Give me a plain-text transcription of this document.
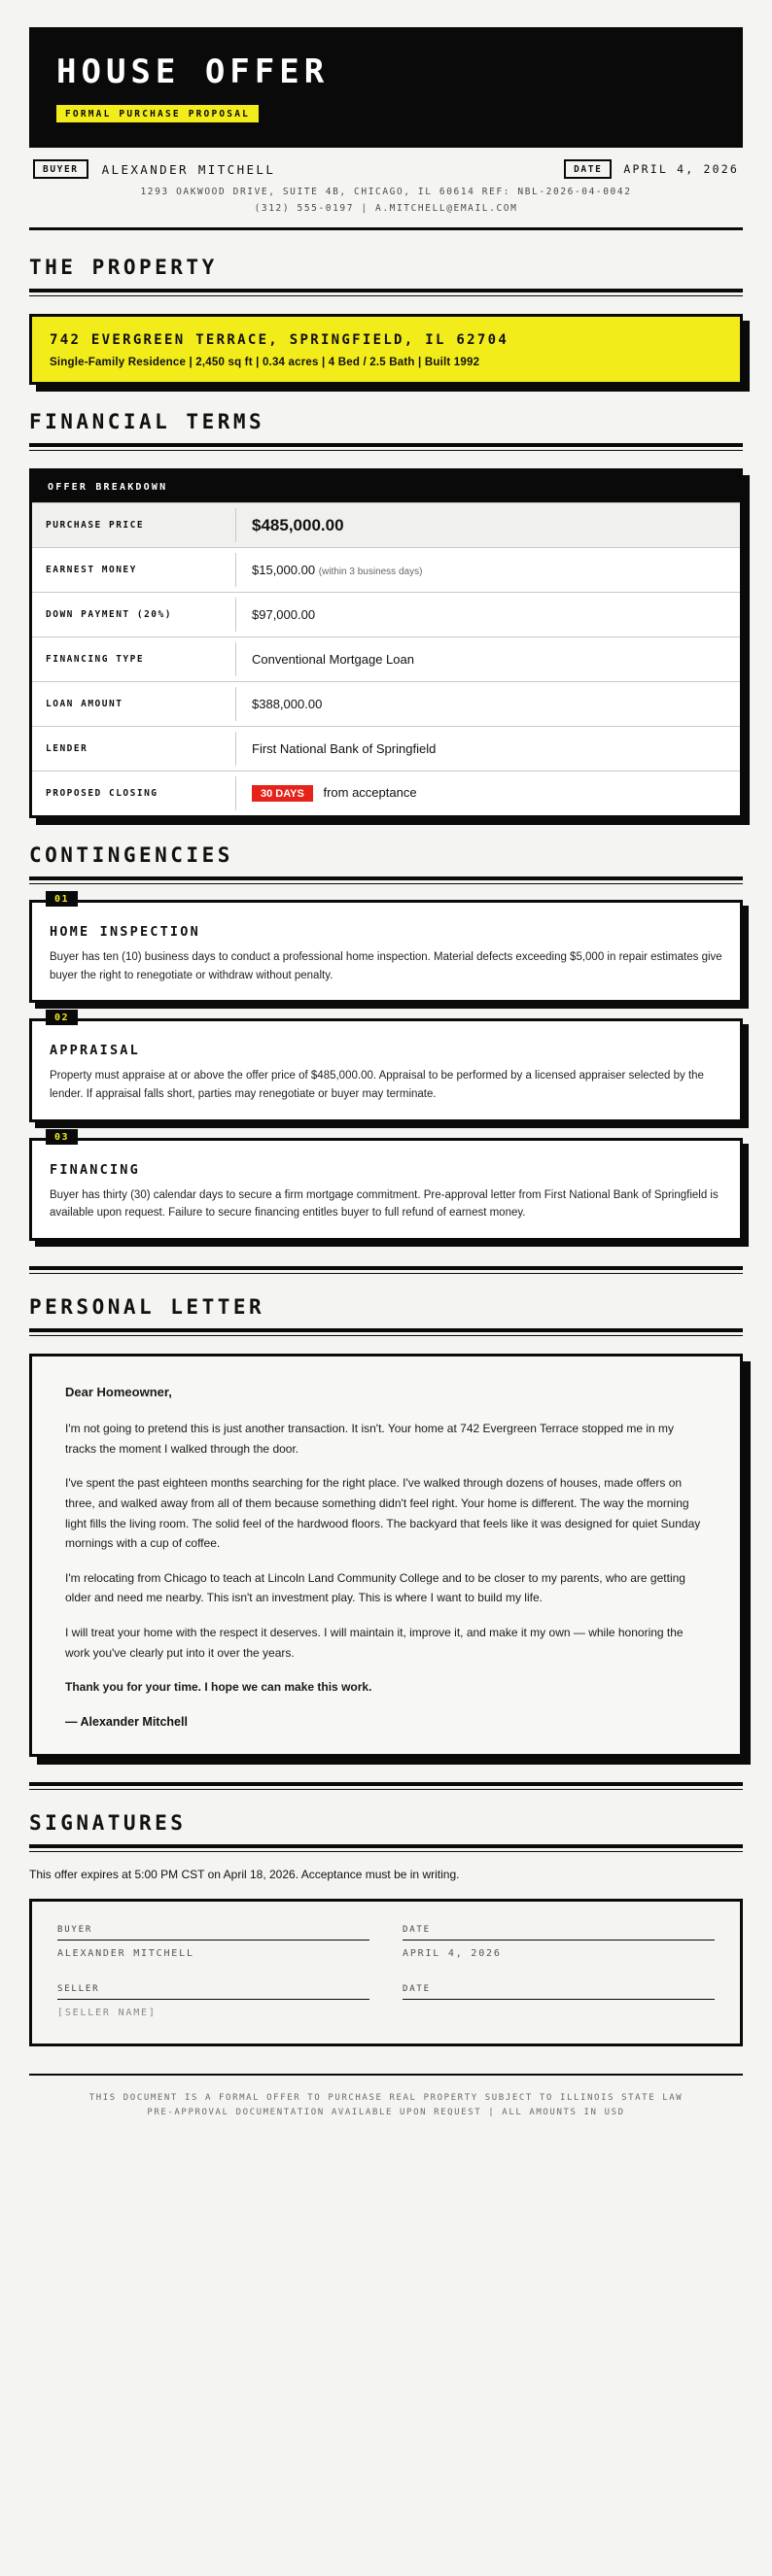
HOUSE OFFER
FORMAL PURCHASE PROPOSAL
BUYER	ALEXANDER MITCHELL	DATE	APRIL 4, 2026
1293 OAKWOOD DRIVE, SUITE 4B, CHICAGO, IL 60614 REF: NBL-2026-04-0042
(312) 555-0197 | A.MITCHELL@EMAIL.COM
THE PROPERTY
742 EVERGREEN TERRACE, SPRINGFIELD, IL 62704
Single-Family Residence | 2,450 sq ft | 0.34 acres | 4 Bed / 2.5 Bath | Built 1992
FINANCIAL TERMS
OFFER BREAKDOWN
PURCHASE PRICE	$485,000.00
EARNEST MONEY	$15,000.00 (within 3 business days)
DOWN PAYMENT (20%)	$97,000.00
FINANCING TYPE	Conventional Mortgage Loan
LOAN AMOUNT	$388,000.00
LENDER	First National Bank of Springfield
PROPOSED CLOSING	30 DAYS from acceptance
CONTINGENCIES
01
HOME INSPECTION

Buyer has ten (10) business days to conduct a professional home inspection. Material defects exceeding $5,000 in repair estimates give buyer the right to renegotiate or withdraw without penalty.

02
APPRAISAL

Property must appraise at or above the offer price of $485,000.00. Appraisal to be performed by a licensed appraiser selected by the lender. If appraisal falls short, parties may renegotiate or buyer may terminate.

03
FINANCING

Buyer has thirty (30) calendar days to secure a firm mortgage commitment. Pre-approval letter from First National Bank of Springfield is available upon request. Failure to secure financing entitles buyer to full refund of earnest money.

PERSONAL LETTER

Dear Homeowner,

I'm not going to pretend this is just another transaction. It isn't. Your home at 742 Evergreen Terrace stopped me in my tracks the moment I walked through the door.

I've spent the past eighteen months searching for the right place. I've walked through dozens of houses, made offers on three, and walked away from all of them because something didn't feel right. Your home is different. The way the morning light fills the living room. The solid feel of the hardwood floors. The backyard that feels like it was designed for quiet Sunday mornings with a cup of coffee.

I'm relocating from Chicago to teach at Lincoln Land Community College and to be closer to my parents, who are getting older and need me nearby. This isn't an investment play. This is where I want to build my life.

I will treat your home with the respect it deserves. I will maintain it, improve it, and make it my own — while honoring the work you've clearly put into it over the years.

Thank you for your time. I hope we can make this work.

— Alexander Mitchell
SIGNATURES
This offer expires at 5:00 PM CST on April 18, 2026. Acceptance must be in writing.
BUYER
ALEXANDER MITCHELL
DATE
APRIL 4, 2026
SELLER
[SELLER NAME]
DATE
THIS DOCUMENT IS A FORMAL OFFER TO PURCHASE REAL PROPERTY SUBJECT TO ILLINOIS STATE LAW
PRE-APPROVAL DOCUMENTATION AVAILABLE UPON REQUEST | ALL AMOUNTS IN USD
